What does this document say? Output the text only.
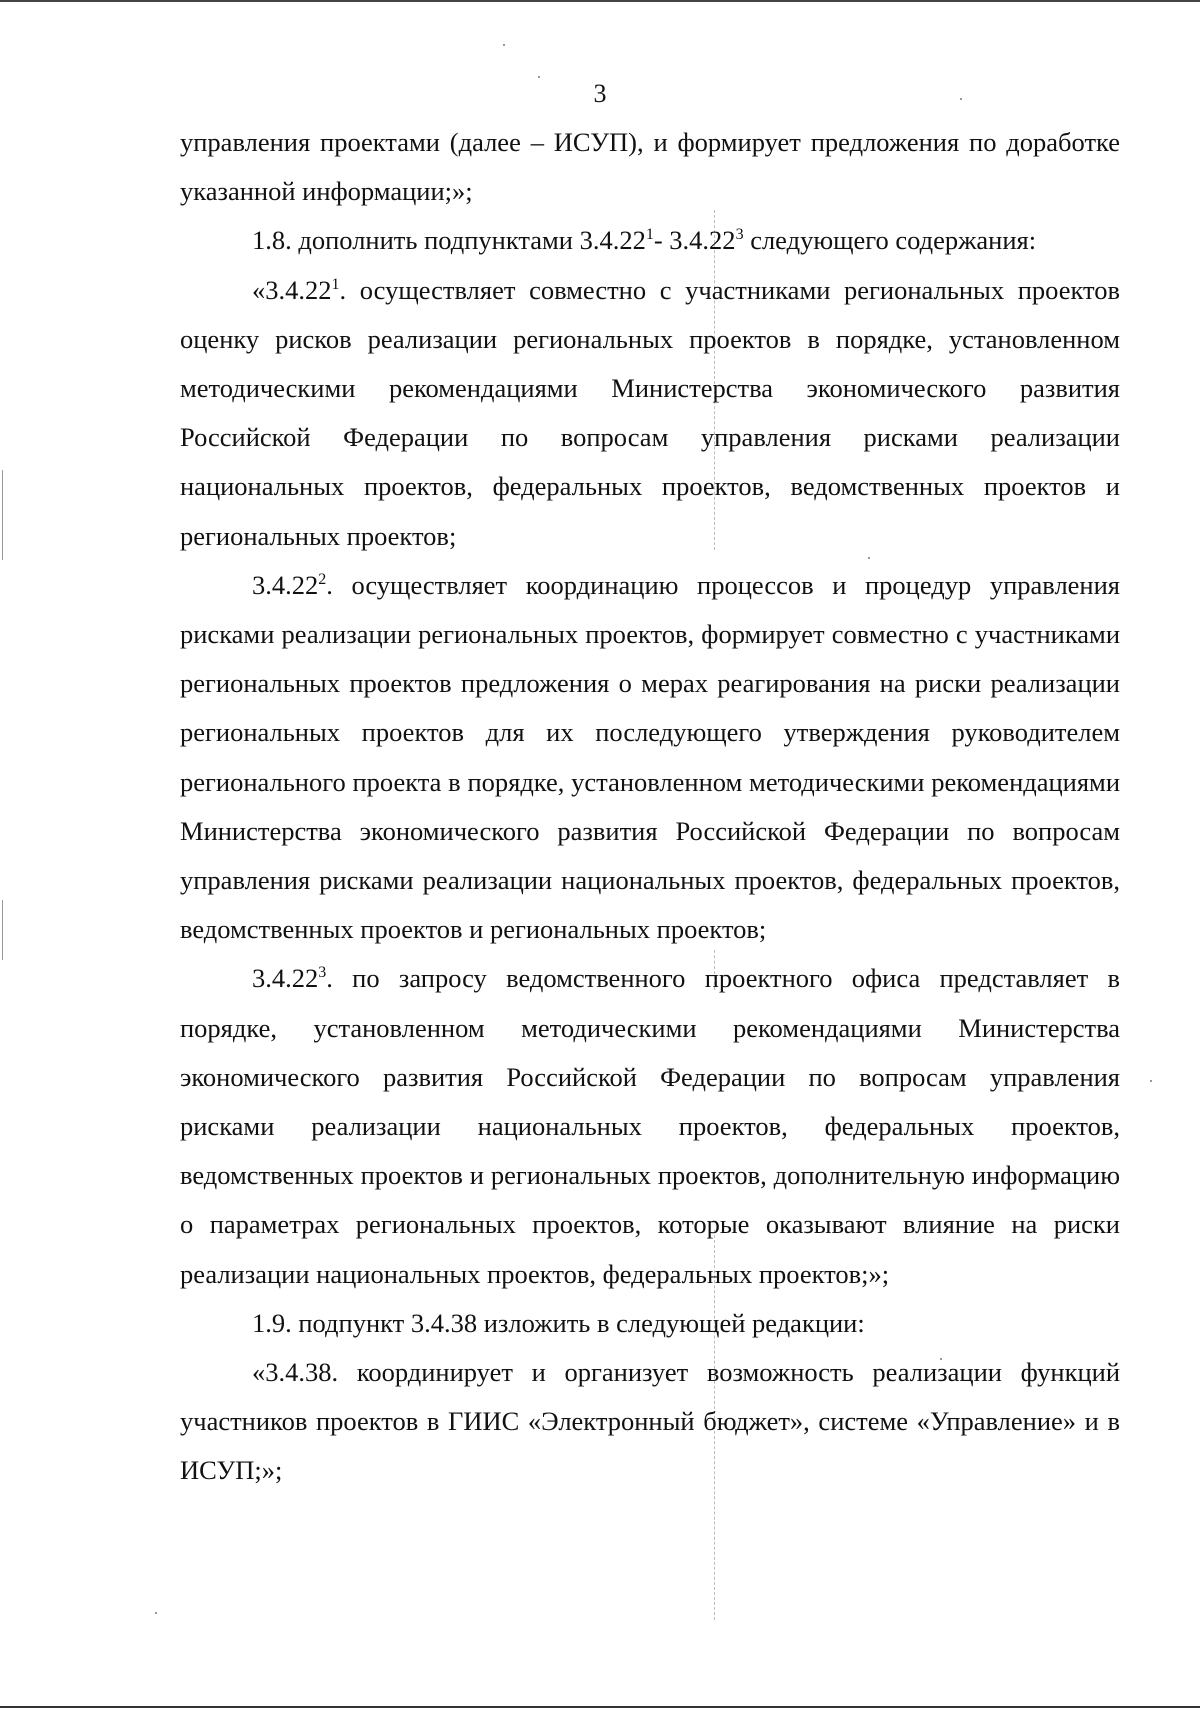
3

управления проектами (далее – ИСУП), и формирует предложения по доработке указанной информации;»;

1.8. дополнить подпунктами 3.4.22$^1$- 3.4.22$^3$ следующего содержания:

«3.4.22$^1$. осуществляет совместно с участниками региональных проектов оценку рисков реализации региональных проектов в порядке, установленном методическими рекомендациями Министерства экономического развития Российской Федерации по вопросам управления рисками реализации национальных проектов, федеральных проектов, ведомственных проектов и региональных проектов;

3.4.22$^2$. осуществляет координацию процессов и процедур управления рисками реализации региональных проектов, формирует совместно с участниками региональных проектов предложения о мерах реагирования на риски реализации региональных проектов для их последующего утверждения руководителем регионального проекта в порядке, установленном методическими рекомендациями Министерства экономического развития Российской Федерации по вопросам управления рисками реализации национальных проектов, федеральных проектов, ведомственных проектов и региональных проектов;

3.4.22$^3$. по запросу ведомственного проектного офиса представляет в порядке, установленном методическими рекомендациями Министерства экономического развития Российской Федерации по вопросам управления рисками реализации национальных проектов, федеральных проектов, ведомственных проектов и региональных проектов, дополнительную информацию о параметрах региональных проектов, которые оказывают влияние на риски реализации национальных проектов, федеральных проектов;»;

1.9. подпункт 3.4.38 изложить в следующей редакции:

«3.4.38. координирует и организует возможность реализации функций участников проектов в ГИИС «Электронный бюджет», системе «Управление» и в ИСУП;»;
